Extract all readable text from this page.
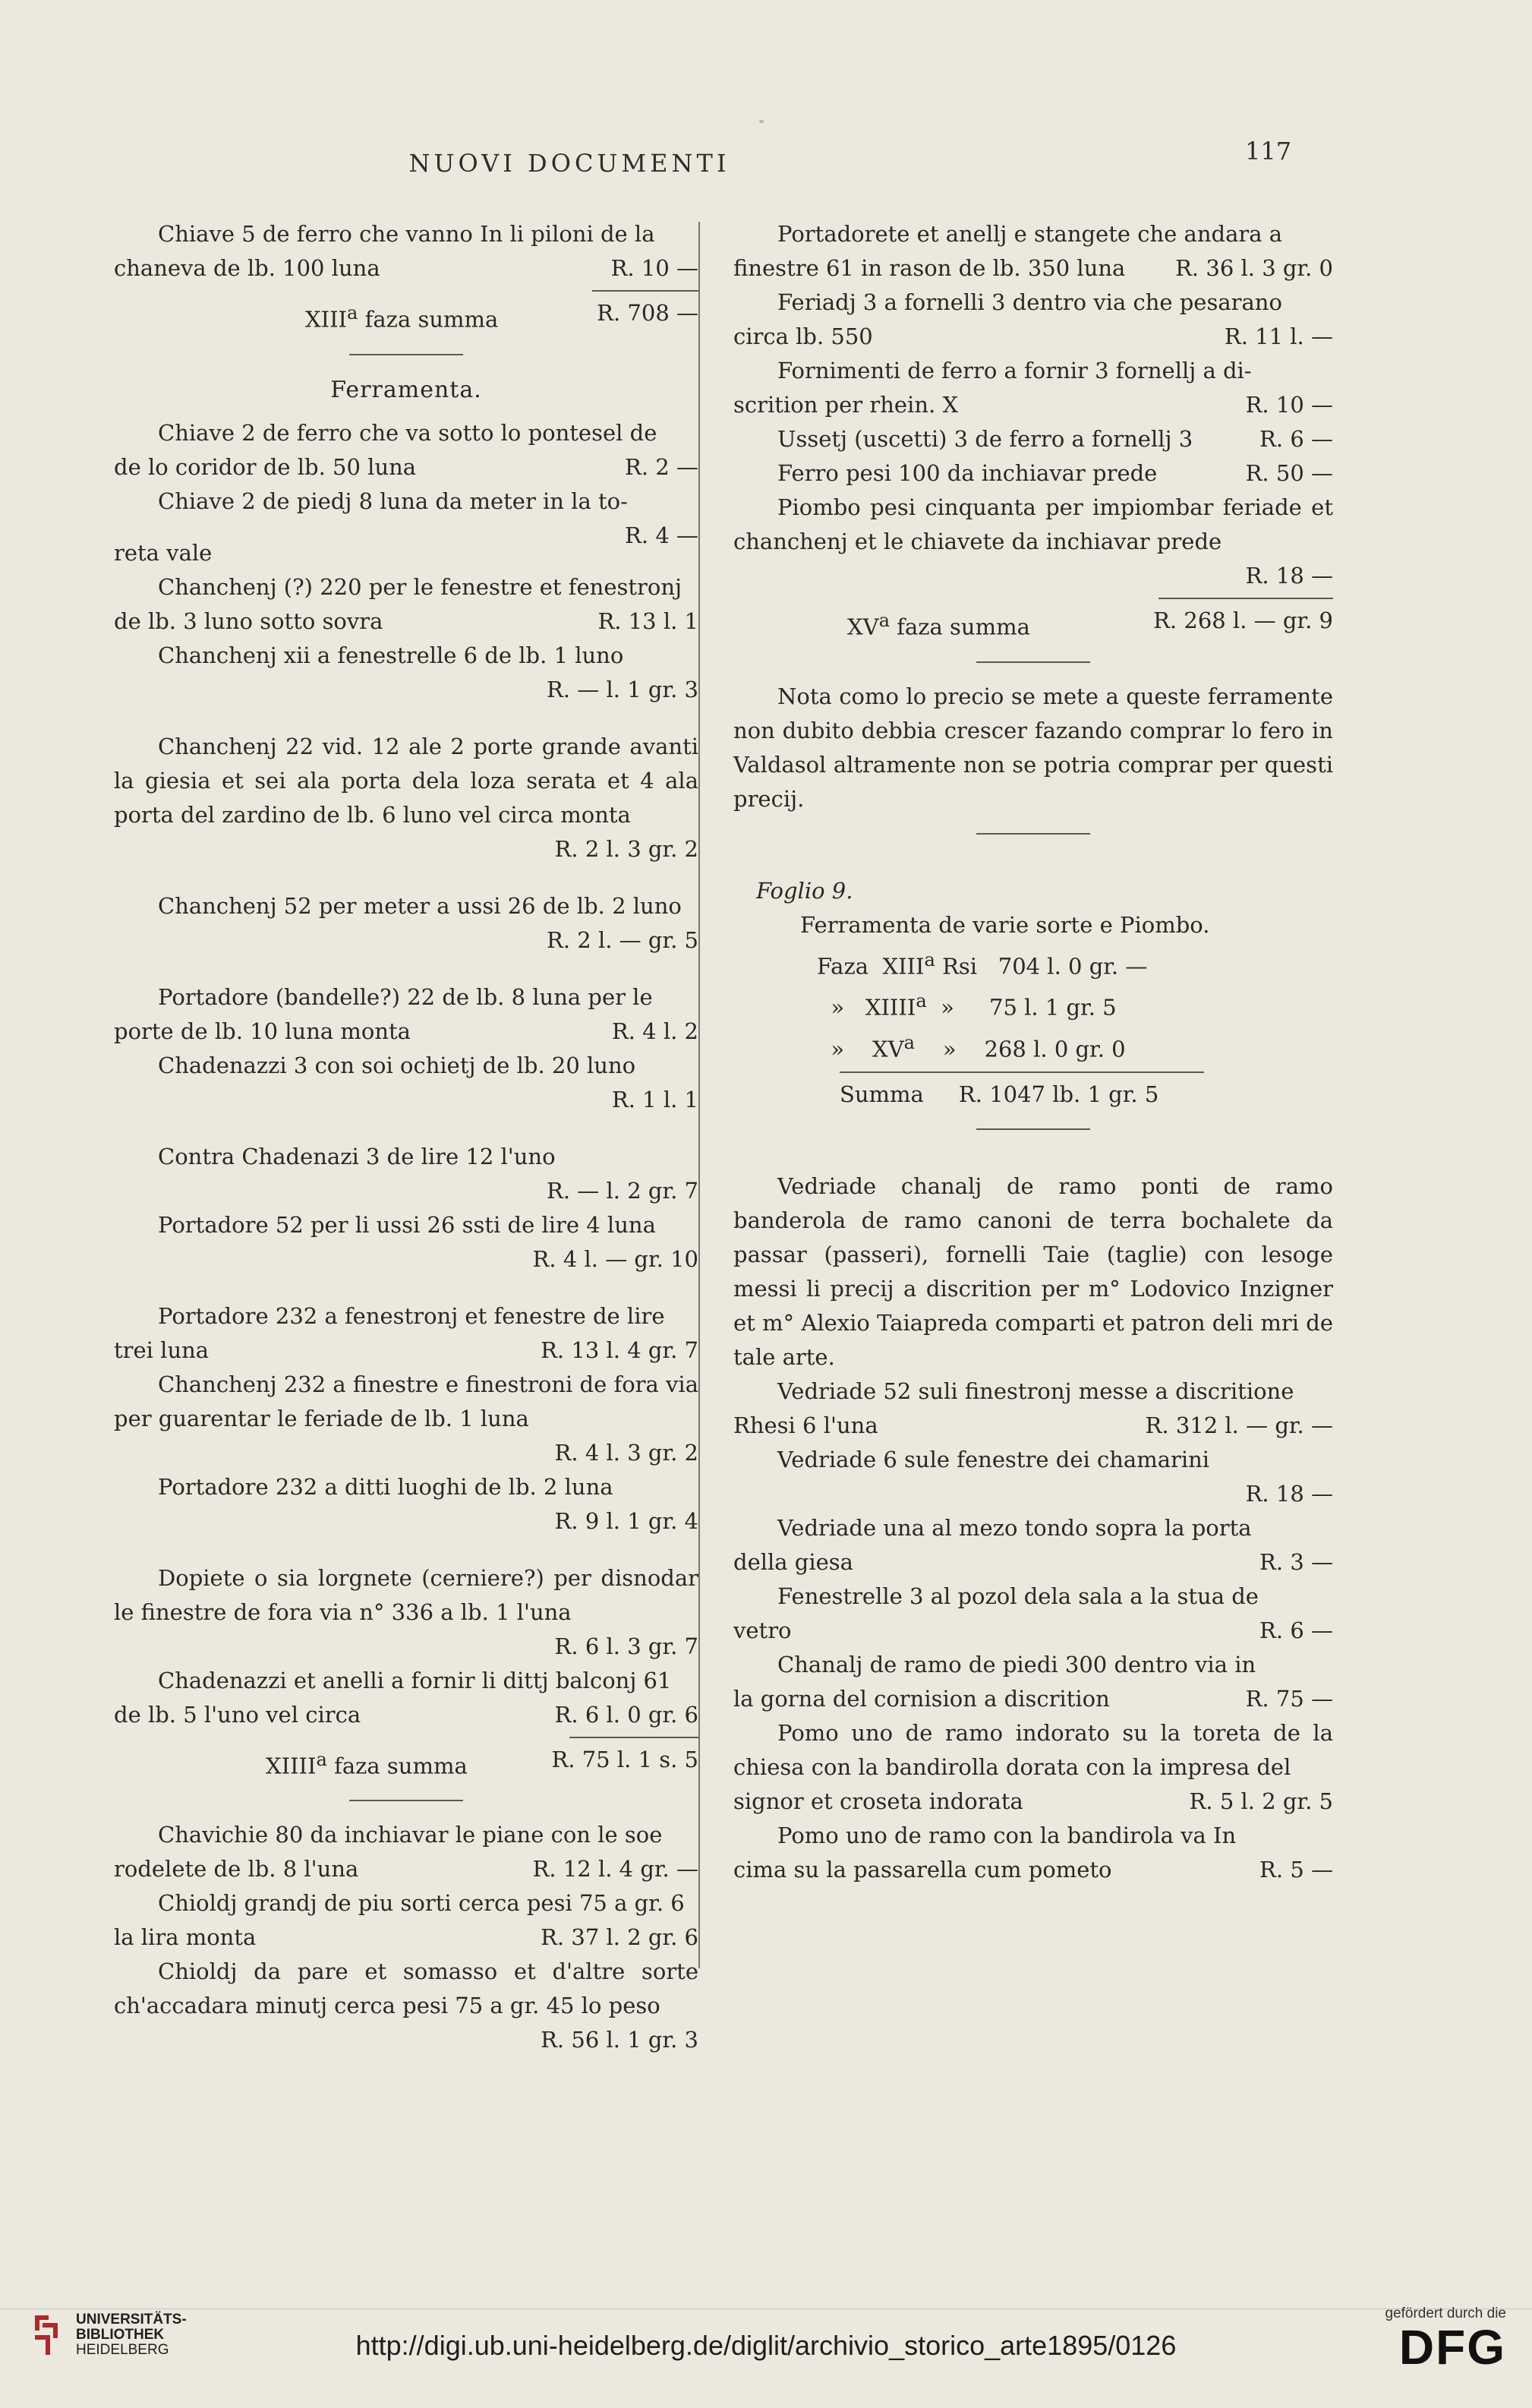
NUOVI DOCUMENTI	117

Chiave 5 de ferro che vanno In li piloni de la

chaneva de lb. 100 luna	R. 10 —
XIII$^a$ faza summa	R. 708 —
Ferramenta.

Chiave 2 de ferro che va sotto lo pontesel de

de lo coridor de lb. 50 luna	R. 2 —

Chiave 2 de piedj 8 luna da meter in la to-

R. 4 —
reta vale

Chanchenj (?) 220 per le fenestre et fenestronj

de lb. 3 luno sotto sovra	R. 13 l. 1

Chanchenj xii a fenestrelle 6 de lb. 1 luno

R. — l. 1 gr. 3

Chanchenj 22 vid. 12 ale 2 porte grande avanti la giesia et sei ala porta dela loza serata et 4 ala porta del zardino de lb. 6 luno vel circa monta

R. 2 l. 3 gr. 2

Chanchenj 52 per meter a ussi 26 de lb. 2 luno

R. 2 l. — gr. 5

Portadore (bandelle?) 22 de lb. 8 luna per le

porte de lb. 10 luna monta	R. 4 l. 2

Chadenazzi 3 con soi ochietj de lb. 20 luno

R. 1 l. 1

Contra Chadenazi 3 de lire 12 l'uno

R. — l. 2 gr. 7

Portadore 52 per li ussi 26 ssti de lire 4 luna

R. 4 l. — gr. 10

Portadore 232 a fenestronj et fenestre de lire

trei luna	R. 13 l. 4 gr. 7

Chanchenj 232 a finestre e finestroni de fora via per guarentar le feriade de lb. 1 luna

R. 4 l. 3 gr. 2

Portadore 232 a ditti luoghi de lb. 2 luna

R. 9 l. 1 gr. 4

Dopiete o sia lorgnete (cerniere?) per disnodar le finestre de fora via n° 336 a lb. 1 l'una

R. 6 l. 3 gr. 7

Chadenazzi et anelli a fornir li dittj balconj 61

de lb. 5 l'uno vel circa	R. 6 l. 0 gr. 6
XIIII$^a$ faza summa	R. 75 l. 1 s. 5

Chavichie 80 da inchiavar le piane con le soe

rodelete de lb. 8 l'una	R. 12 l. 4 gr. —

Chioldj grandj de piu sorti cerca pesi 75 a gr. 6

la lira monta	R. 37 l. 2 gr. 6

Chioldj da pare et somasso et d'altre sorte ch'accadara minutj cerca pesi 75 a gr. 45 lo peso

R. 56 l. 1 gr. 3

Portadorete et anellj e stangete che andara a

finestre 61 in rason de lb. 350 luna R. 36 l. 3 gr. 0

Feriadj 3 a fornelli 3 dentro via che pesarano

circa lb. 550	R. 11 l. —

Fornimenti de ferro a fornir 3 fornellj a di-

scrition per rhein. X	R. 10 —
Ussetj (uscetti) 3 de ferro a fornellj 3	R. 6 —
Ferro pesi 100 da inchiavar prede	R. 50 —

Piombo pesi cinquanta per impiombar feriade et chanchenj et le chiavete da inchiavar prede

R. 18 —
$XV^a$ faza summa	R. 268 l. — gr. 9

Nota como lo precio se mete a queste ferramente non dubito debbia crescer fazando comprar lo fero in Valdasol altramente non se potria comprar per questi precij.

Foglio 9.
Ferramenta de varie sorte e Piombo.
Faza  XIII$^a$ Rsi   704 l. 0 gr. —
»   XIIII$^a$  »     75 l. 1 gr. 5
»    $XV^a$    »    268 l. 0 gr. 0
Summa     R. 1047 lb. 1 gr. 5

Vedriade chanalj de ramo ponti de ramo banderola de ramo canoni de terra bochalete da passar (passeri), fornelli Taie (taglie) con lesoge messi li precij a discrition per m° Lodovico Inzigner et m° Alexio Taiapreda comparti et patron deli mri de tale arte.

Vedriade 52 suli finestronj messe a discritione

Rhesi 6 l'una	R. 312 l. — gr. —

Vedriade 6 sule fenestre dei chamarini

R. 18 —

Vedriade una al mezo tondo sopra la porta

della giesa	R. 3 —

Fenestrelle 3 al pozol dela sala a la stua de

vetro	R. 6 —

Chanalj de ramo de piedi 300 dentro via in

la gorna del cornision a discrition	R. 75 —

Pomo uno de ramo indorato su la toreta de la chiesa con la bandirolla dorata con la impresa del

signor et croseta indorata	R. 5 l. 2 gr. 5

Pomo uno de ramo con la bandirola va In

cima su la passarella cum pometo	R. 5 —
UNIVERSITÄTS-
BIBLIOTHEK
HEIDELBERG	http://digi.ub.uni-heidelberg.de/diglit/archivio_storico_arte1895/0126
gefördert durch die
DFG
